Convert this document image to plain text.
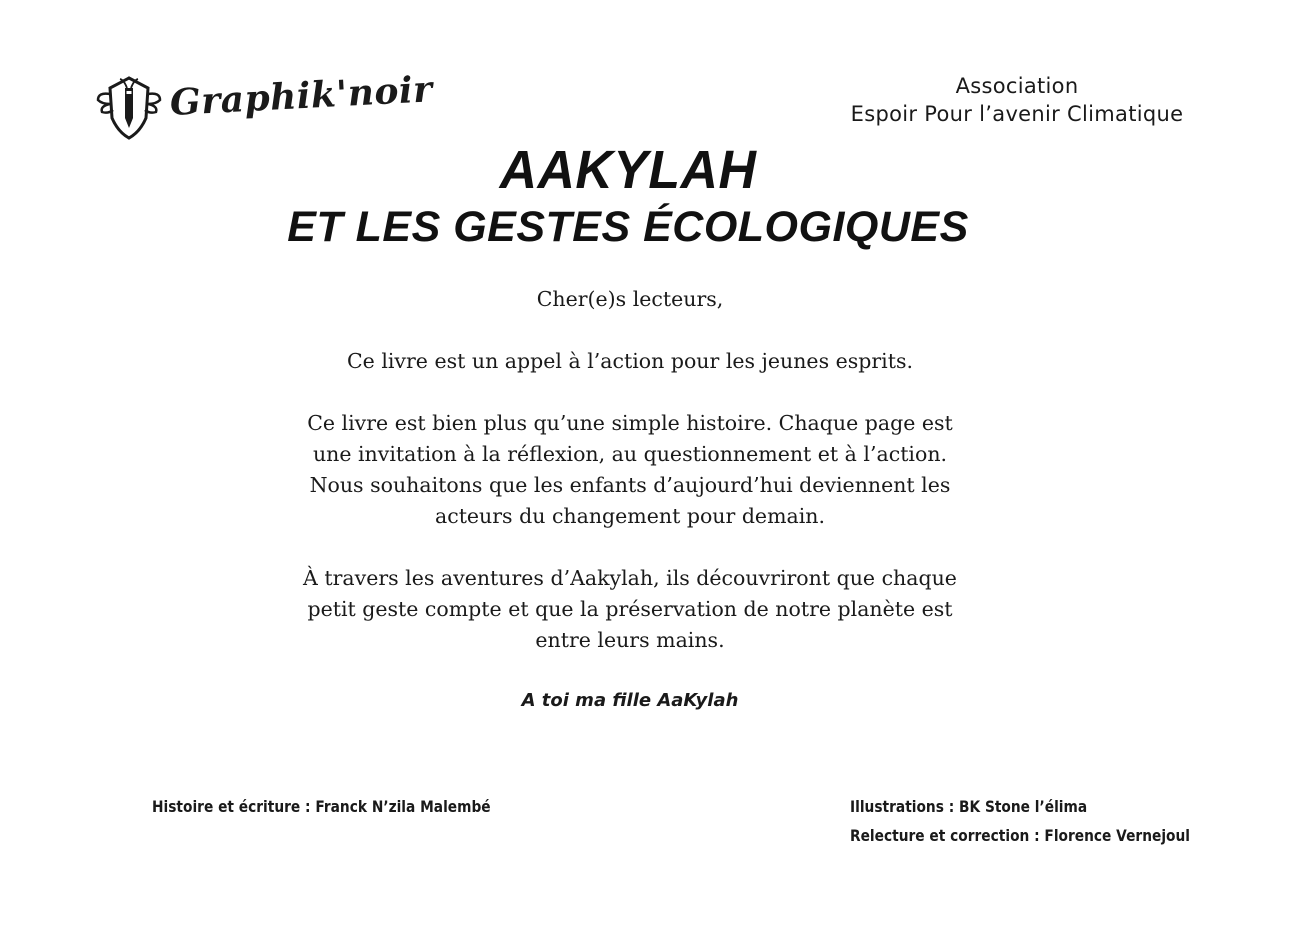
Graphik'noir	Association
Espoir Pour l’avenir Climatique
AAKYLAH
ET LES GESTES ÉCOLOGIQUES

Cher(e)s lecteurs,

Ce livre est un appel à l’action pour les jeunes esprits.

Ce livre est bien plus qu’une simple histoire. Chaque page est
une invitation à la réflexion, au questionnement et à l’action.
Nous souhaitons que les enfants d’aujourd’hui deviennent les
acteurs du changement pour demain.

À travers les aventures d’Aakylah, ils découvriront que chaque
petit geste compte et que la préservation de notre planète est
entre leurs mains.

A toi ma fille AaKylah
Histoire et écriture : Franck N’zila Malembé	Illustrations : BK Stone l’élima
Relecture et correction : Florence Vernejoul
